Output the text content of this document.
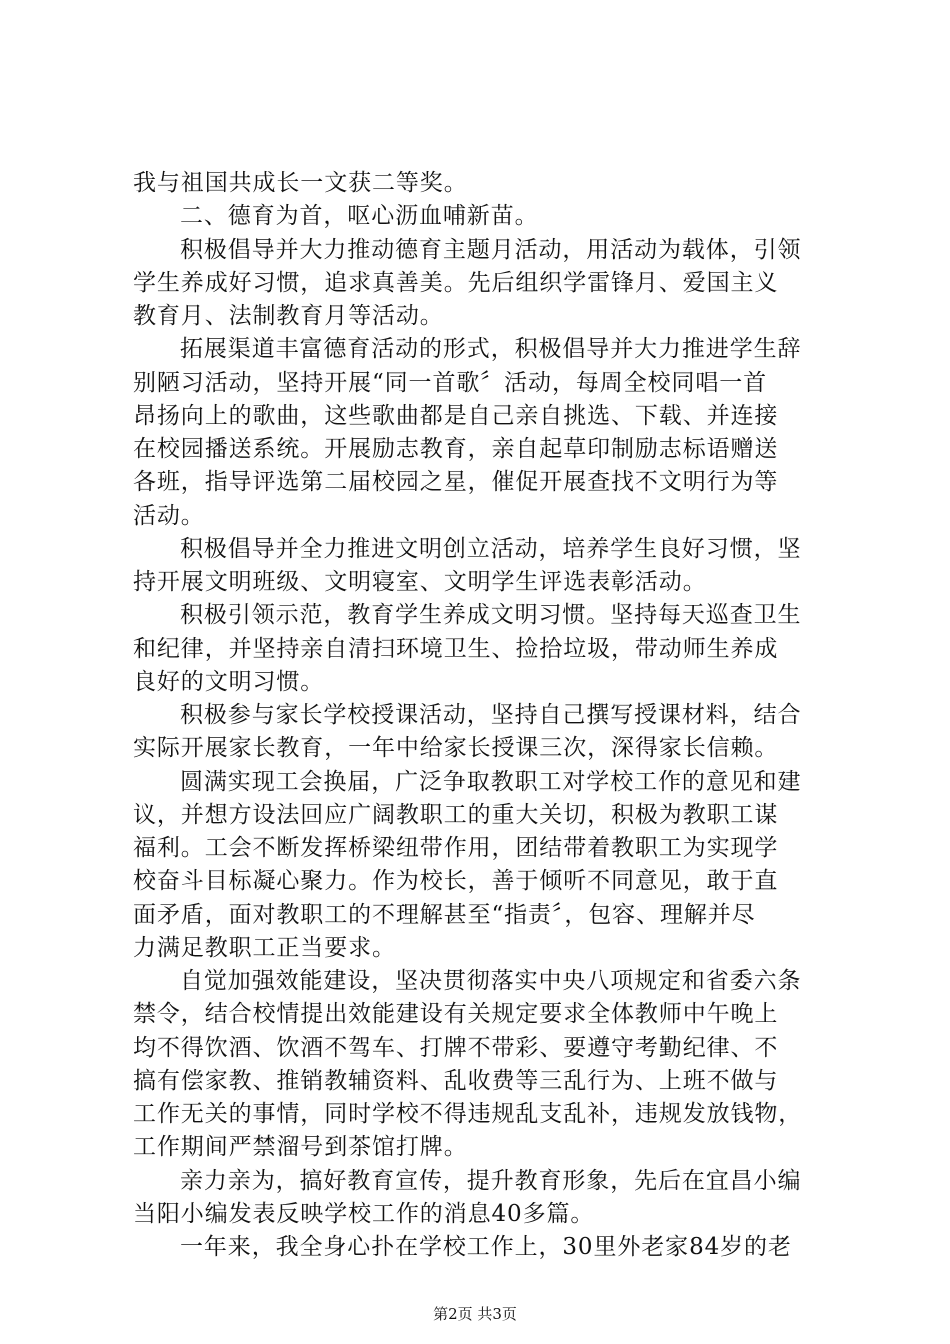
我与祖国共成长一文获二等奖。
二、德育为首，呕心沥血哺新苗。
积极倡导并大力推动德育主题月活动，用活动为载体，引领
学生养成好习惯，追求真善美。先后组织学雷锋月、爱国主义
教育月、法制教育月等活动。
拓展渠道丰富德育活动的形式，积极倡导并大力推进学生辞
别陋习活动，坚持开展“同一首歌〞活动，每周全校同唱一首
昂扬向上的歌曲，这些歌曲都是自己亲自挑选、下载、并连接
在校园播送系统。开展励志教育，亲自起草印制励志标语赠送
各班，指导评选第二届校园之星，催促开展查找不文明行为等
活动。
积极倡导并全力推进文明创立活动，培养学生良好习惯，坚
持开展文明班级、文明寝室、文明学生评选表彰活动。
积极引领示范，教育学生养成文明习惯。坚持每天巡查卫生
和纪律，并坚持亲自清扫环境卫生、捡拾垃圾，带动师生养成
良好的文明习惯。
积极参与家长学校授课活动，坚持自己撰写授课材料，结合
实际开展家长教育，一年中给家长授课三次，深得家长信赖。
圆满实现工会换届，广泛争取教职工对学校工作的意见和建
议，并想方设法回应广阔教职工的重大关切，积极为教职工谋
福利。工会不断发挥桥梁纽带作用，团结带着教职工为实现学
校奋斗目标凝心聚力。作为校长，善于倾听不同意见，敢于直
面矛盾，面对教职工的不理解甚至“指责〞，包容、理解并尽
力满足教职工正当要求。
自觉加强效能建设，坚决贯彻落实中央八项规定和省委六条
禁令，结合校情提出效能建设有关规定要求全体教师中午晚上
均不得饮酒、饮酒不驾车、打牌不带彩、要遵守考勤纪律、不
搞有偿家教、推销教辅资料、乱收费等三乱行为、上班不做与
工作无关的事情，同时学校不得违规乱支乱补，违规发放钱物，
工作期间严禁溜号到茶馆打牌。
亲力亲为，搞好教育宣传，提升教育形象，先后在宜昌小编
当阳小编发表反映学校工作的消息40多篇。
一年来，我全身心扑在学校工作上，30里外老家84岁的老
第2页 共3页
